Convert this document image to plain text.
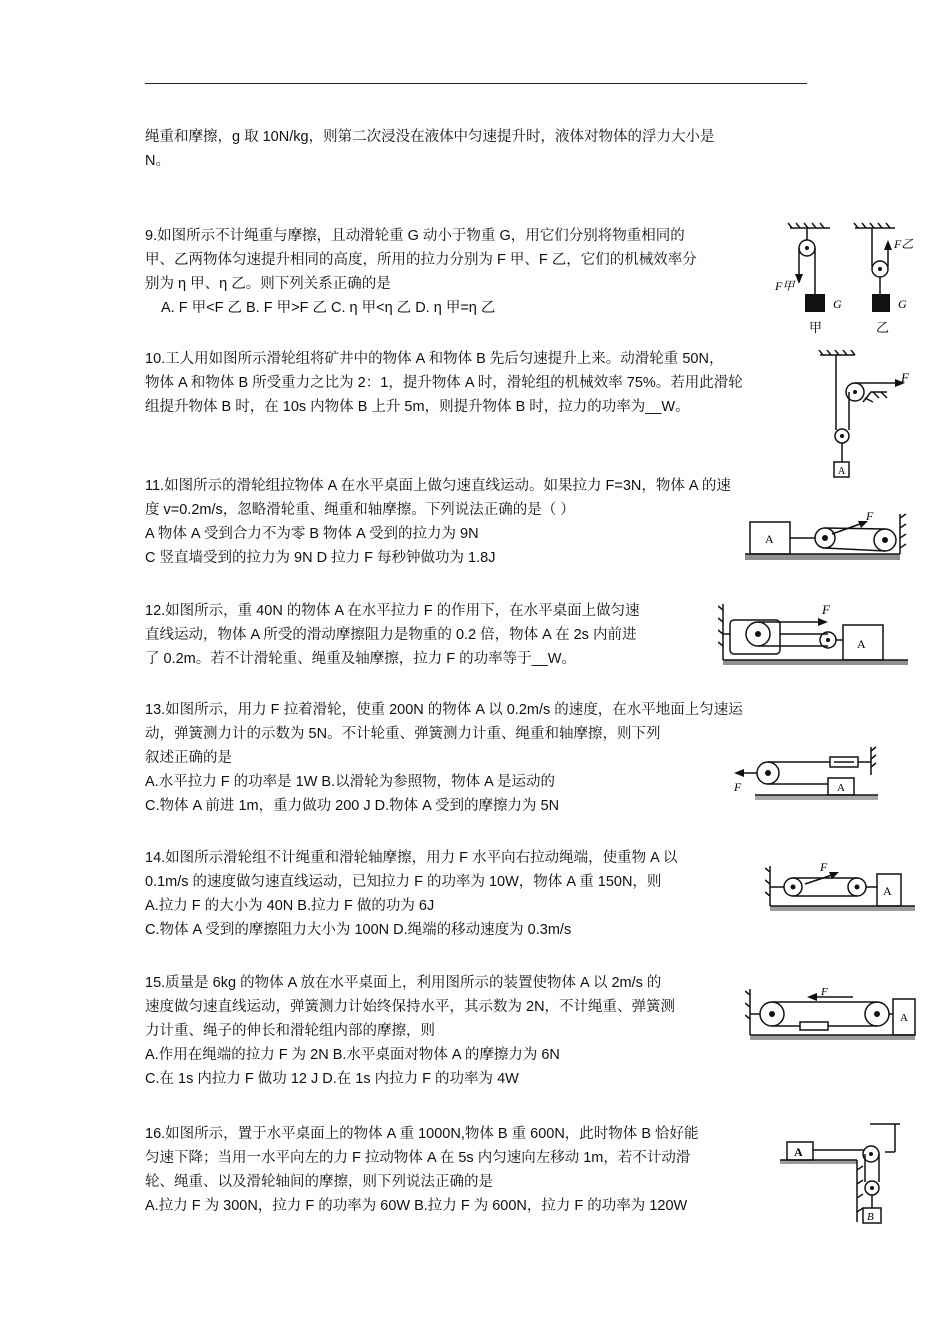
绳重和摩擦，g 取 10N/kg，则第二次浸没在液体中匀速提升时，液体对物体的浮力大小是
N。
9.如图所示不计绳重与摩擦，且动滑轮重 G 动小于物重 G，用它们分别将物重相同的
甲、乙两物体匀速提升相同的高度，所用的拉力分别为 F 甲、F 乙，它们的机械效率分
别为 η 甲、η 乙。则下列关系正确的是
A. F 甲<F 乙 B. F 甲>F 乙 C. η 甲<η 乙 D. η 甲=η 乙
F甲
F乙
G	G
甲	乙
10.工人用如图所示滑轮组将矿井中的物体 A 和物体 B 先后匀速提升上来。动滑轮重 50N，
物体 A 和物体 B 所受重力之比为 2：1，提升物体 A 时，滑轮组的机械效率 75%。若用此滑轮
组提升物体 B 时，在 10s 内物体 B 上升 5m，则提升物体 B 时，拉力的功率为__W。
F
A
11.如图所示的滑轮组拉物体 A 在水平桌面上做匀速直线运动。如果拉力 F=3N，物体 A 的速
度 v=0.2m/s，忽略滑轮重、绳重和轴摩擦。下列说法正确的是（ ）
A 物体 A 受到合力不为零 B 物体 A 受到的拉力为 9N
C 竖直墙受到的拉力为 9N D 拉力 F 每秒钟做功为 1.8J
F
A
12.如图所示，重 40N 的物体 A 在水平拉力 F 的作用下，在水平桌面上做匀速
直线运动，物体 A 所受的滑动摩擦阻力是物重的 0.2 倍，物体 A 在 2s 内前进
了 0.2m。若不计滑轮重、绳重及轴摩擦，拉力 F 的功率等于__W。
F
A
13.如图所示，用力 F 拉着滑轮，使重 200N 的物体 A 以 0.2m/s 的速度，在水平地面上匀速运
动，弹簧测力计的示数为 5N。不计轮重、弹簧测力计重、绳重和轴摩擦，则下列
叙述正确的是
A.水平拉力 F 的功率是 1W B.以滑轮为参照物，物体 A 是运动的
C.物体 A 前进 1m，重力做功 200 J D.物体 A 受到的摩擦力为 5N
F	A
14.如图所示滑轮组不计绳重和滑轮轴摩擦，用力 F 水平向右拉动绳端，使重物 A 以
0.1m/s 的速度做匀速直线运动，已知拉力 F 的功率为 10W，物体 A 重 150N，则
A.拉力 F 的大小为 40N B.拉力 F 做的功为 6J
C.物体 A 受到的摩擦阻力大小为 100N D.绳端的移动速度为 0.3m/s
F
A
15.质量是 6kg 的物体 A 放在水平桌面上，利用图所示的装置使物体 A 以 2m/s 的
速度做匀速直线运动，弹簧测力计始终保持水平，其示数为 2N，不计绳重、弹簧测
力计重、绳子的伸长和滑轮组内部的摩擦，则
A.作用在绳端的拉力 F 为 2N B.水平桌面对物体 A 的摩擦力为 6N
C.在 1s 内拉力 F 做功 12 J D.在 1s 内拉力 F 的功率为 4W
F
A
16.如图所示，置于水平桌面上的物体 A 重 1000N,物体 B 重 600N，此时物体 B 恰好能
匀速下降；当用一水平向左的力 F 拉动物体 A 在 5s 内匀速向左移动 1m，若不计动滑
轮、绳重、以及滑轮轴间的摩擦，则下列说法正确的是
A.拉力 F 为 300N，拉力 F 的功率为 60W B.拉力 F 为 600N，拉力 F 的功率为 120W
A
B
